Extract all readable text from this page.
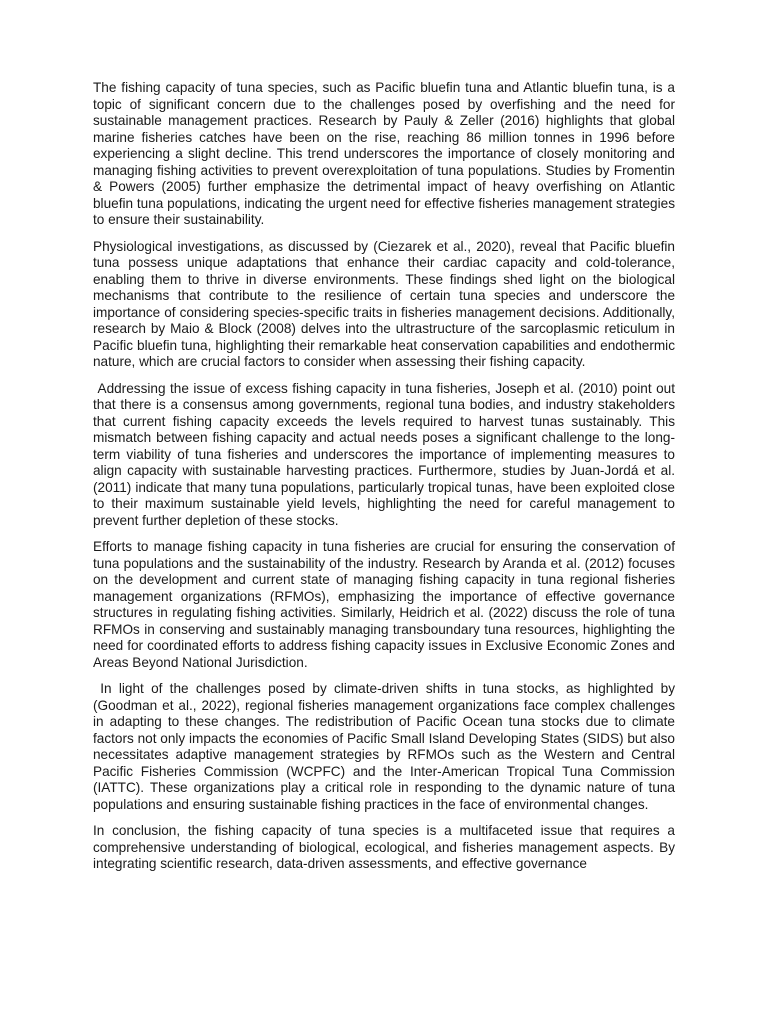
The fishing capacity of tuna species, such as Pacific bluefin tuna and Atlantic bluefin tuna, is a topic of significant concern due to the challenges posed by overfishing and the need for sustainable management practices. Research by Pauly & Zeller (2016) highlights that global marine fisheries catches have been on the rise, reaching 86 million tonnes in 1996 before experiencing a slight decline. This trend underscores the importance of closely monitoring and managing fishing activities to prevent overexploitation of tuna populations. Studies by Fromentin & Powers (2005) further emphasize the detrimental impact of heavy overfishing on Atlantic bluefin tuna populations, indicating the urgent need for effective fisheries management strategies to ensure their sustainability.

Physiological investigations, as discussed by (Ciezarek et al., 2020), reveal that Pacific bluefin tuna possess unique adaptations that enhance their cardiac capacity and cold-tolerance, enabling them to thrive in diverse environments. These findings shed light on the biological mechanisms that contribute to the resilience of certain tuna species and underscore the importance of considering species-specific traits in fisheries management decisions. Additionally, research by Maio & Block (2008) delves into the ultrastructure of the sarcoplasmic reticulum in Pacific bluefin tuna, highlighting their remarkable heat conservation capabilities and endothermic nature, which are crucial factors to consider when assessing their fishing capacity.

Addressing the issue of excess fishing capacity in tuna fisheries, Joseph et al. (2010) point out that there is a consensus among governments, regional tuna bodies, and industry stakeholders that current fishing capacity exceeds the levels required to harvest tunas sustainably. This mismatch between fishing capacity and actual needs poses a significant challenge to the long-term viability of tuna fisheries and underscores the importance of implementing measures to align capacity with sustainable harvesting practices. Furthermore, studies by Juan-Jordá et al. (2011) indicate that many tuna populations, particularly tropical tunas, have been exploited close to their maximum sustainable yield levels, highlighting the need for careful management to prevent further depletion of these stocks.

Efforts to manage fishing capacity in tuna fisheries are crucial for ensuring the conservation of tuna populations and the sustainability of the industry. Research by Aranda et al. (2012) focuses on the development and current state of managing fishing capacity in tuna regional fisheries management organizations (RFMOs), emphasizing the importance of effective governance structures in regulating fishing activities. Similarly, Heidrich et al. (2022) discuss the role of tuna RFMOs in conserving and sustainably managing transboundary tuna resources, highlighting the need for coordinated efforts to address fishing capacity issues in Exclusive Economic Zones and Areas Beyond National Jurisdiction.

In light of the challenges posed by climate-driven shifts in tuna stocks, as highlighted by (Goodman et al., 2022), regional fisheries management organizations face complex challenges in adapting to these changes. The redistribution of Pacific Ocean tuna stocks due to climate factors not only impacts the economies of Pacific Small Island Developing States (SIDS) but also necessitates adaptive management strategies by RFMOs such as the Western and Central Pacific Fisheries Commission (WCPFC) and the Inter-American Tropical Tuna Commission (IATTC). These organizations play a critical role in responding to the dynamic nature of tuna populations and ensuring sustainable fishing practices in the face of environmental changes.

In conclusion, the fishing capacity of tuna species is a multifaceted issue that requires a comprehensive understanding of biological, ecological, and fisheries management aspects. By integrating scientific research, data-driven assessments, and effective governance
